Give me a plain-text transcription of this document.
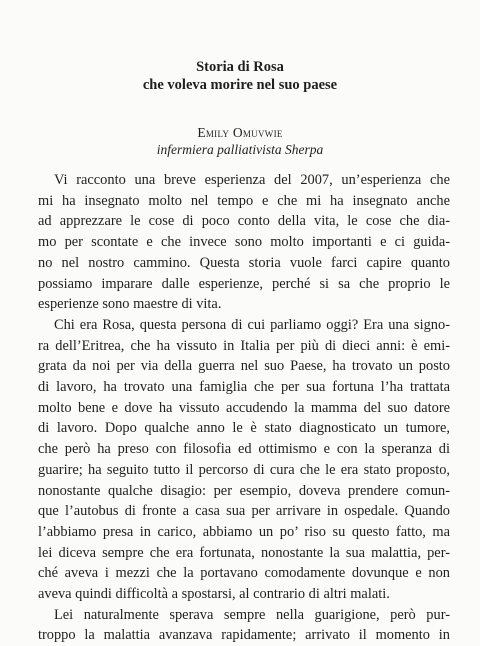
Storia di Rosa
che voleva morire nel suo paese
Emily Omuvwie
infermiera palliativista Sherpa
Vi racconto una breve esperienza del 2007, un’esperienza che
mi ha insegnato molto nel tempo e che mi ha insegnato anche
ad apprezzare le cose di poco conto della vita, le cose che dia-
mo per scontate e che invece sono molto importanti e ci guida-
no nel nostro cammino. Questa storia vuole farci capire quanto
possiamo imparare dalle esperienze, perché si sa che proprio le
esperienze sono maestre di vita.
Chi era Rosa, questa persona di cui parliamo oggi? Era una signo-
ra dell’Eritrea, che ha vissuto in Italia per più di dieci anni: è emi-
grata da noi per via della guerra nel suo Paese, ha trovato un posto
di lavoro, ha trovato una famiglia che per sua fortuna l’ha trattata
molto bene e dove ha vissuto accudendo la mamma del suo datore
di lavoro. Dopo qualche anno le è stato diagnosticato un tumore,
che però ha preso con filosofia ed ottimismo e con la speranza di
guarire; ha seguito tutto il percorso di cura che le era stato proposto,
nonostante qualche disagio: per esempio, doveva prendere comun-
que l’autobus di fronte a casa sua per arrivare in ospedale. Quando
l’abbiamo presa in carico, abbiamo un po’ riso su questo fatto, ma
lei diceva sempre che era fortunata, nonostante la sua malattia, per-
ché aveva i mezzi che la portavano comodamente dovunque e non
aveva quindi difficoltà a spostarsi, al contrario di altri malati.
Lei naturalmente sperava sempre nella guarigione, però pur-
troppo la malattia avanzava rapidamente; arrivato il momento in
